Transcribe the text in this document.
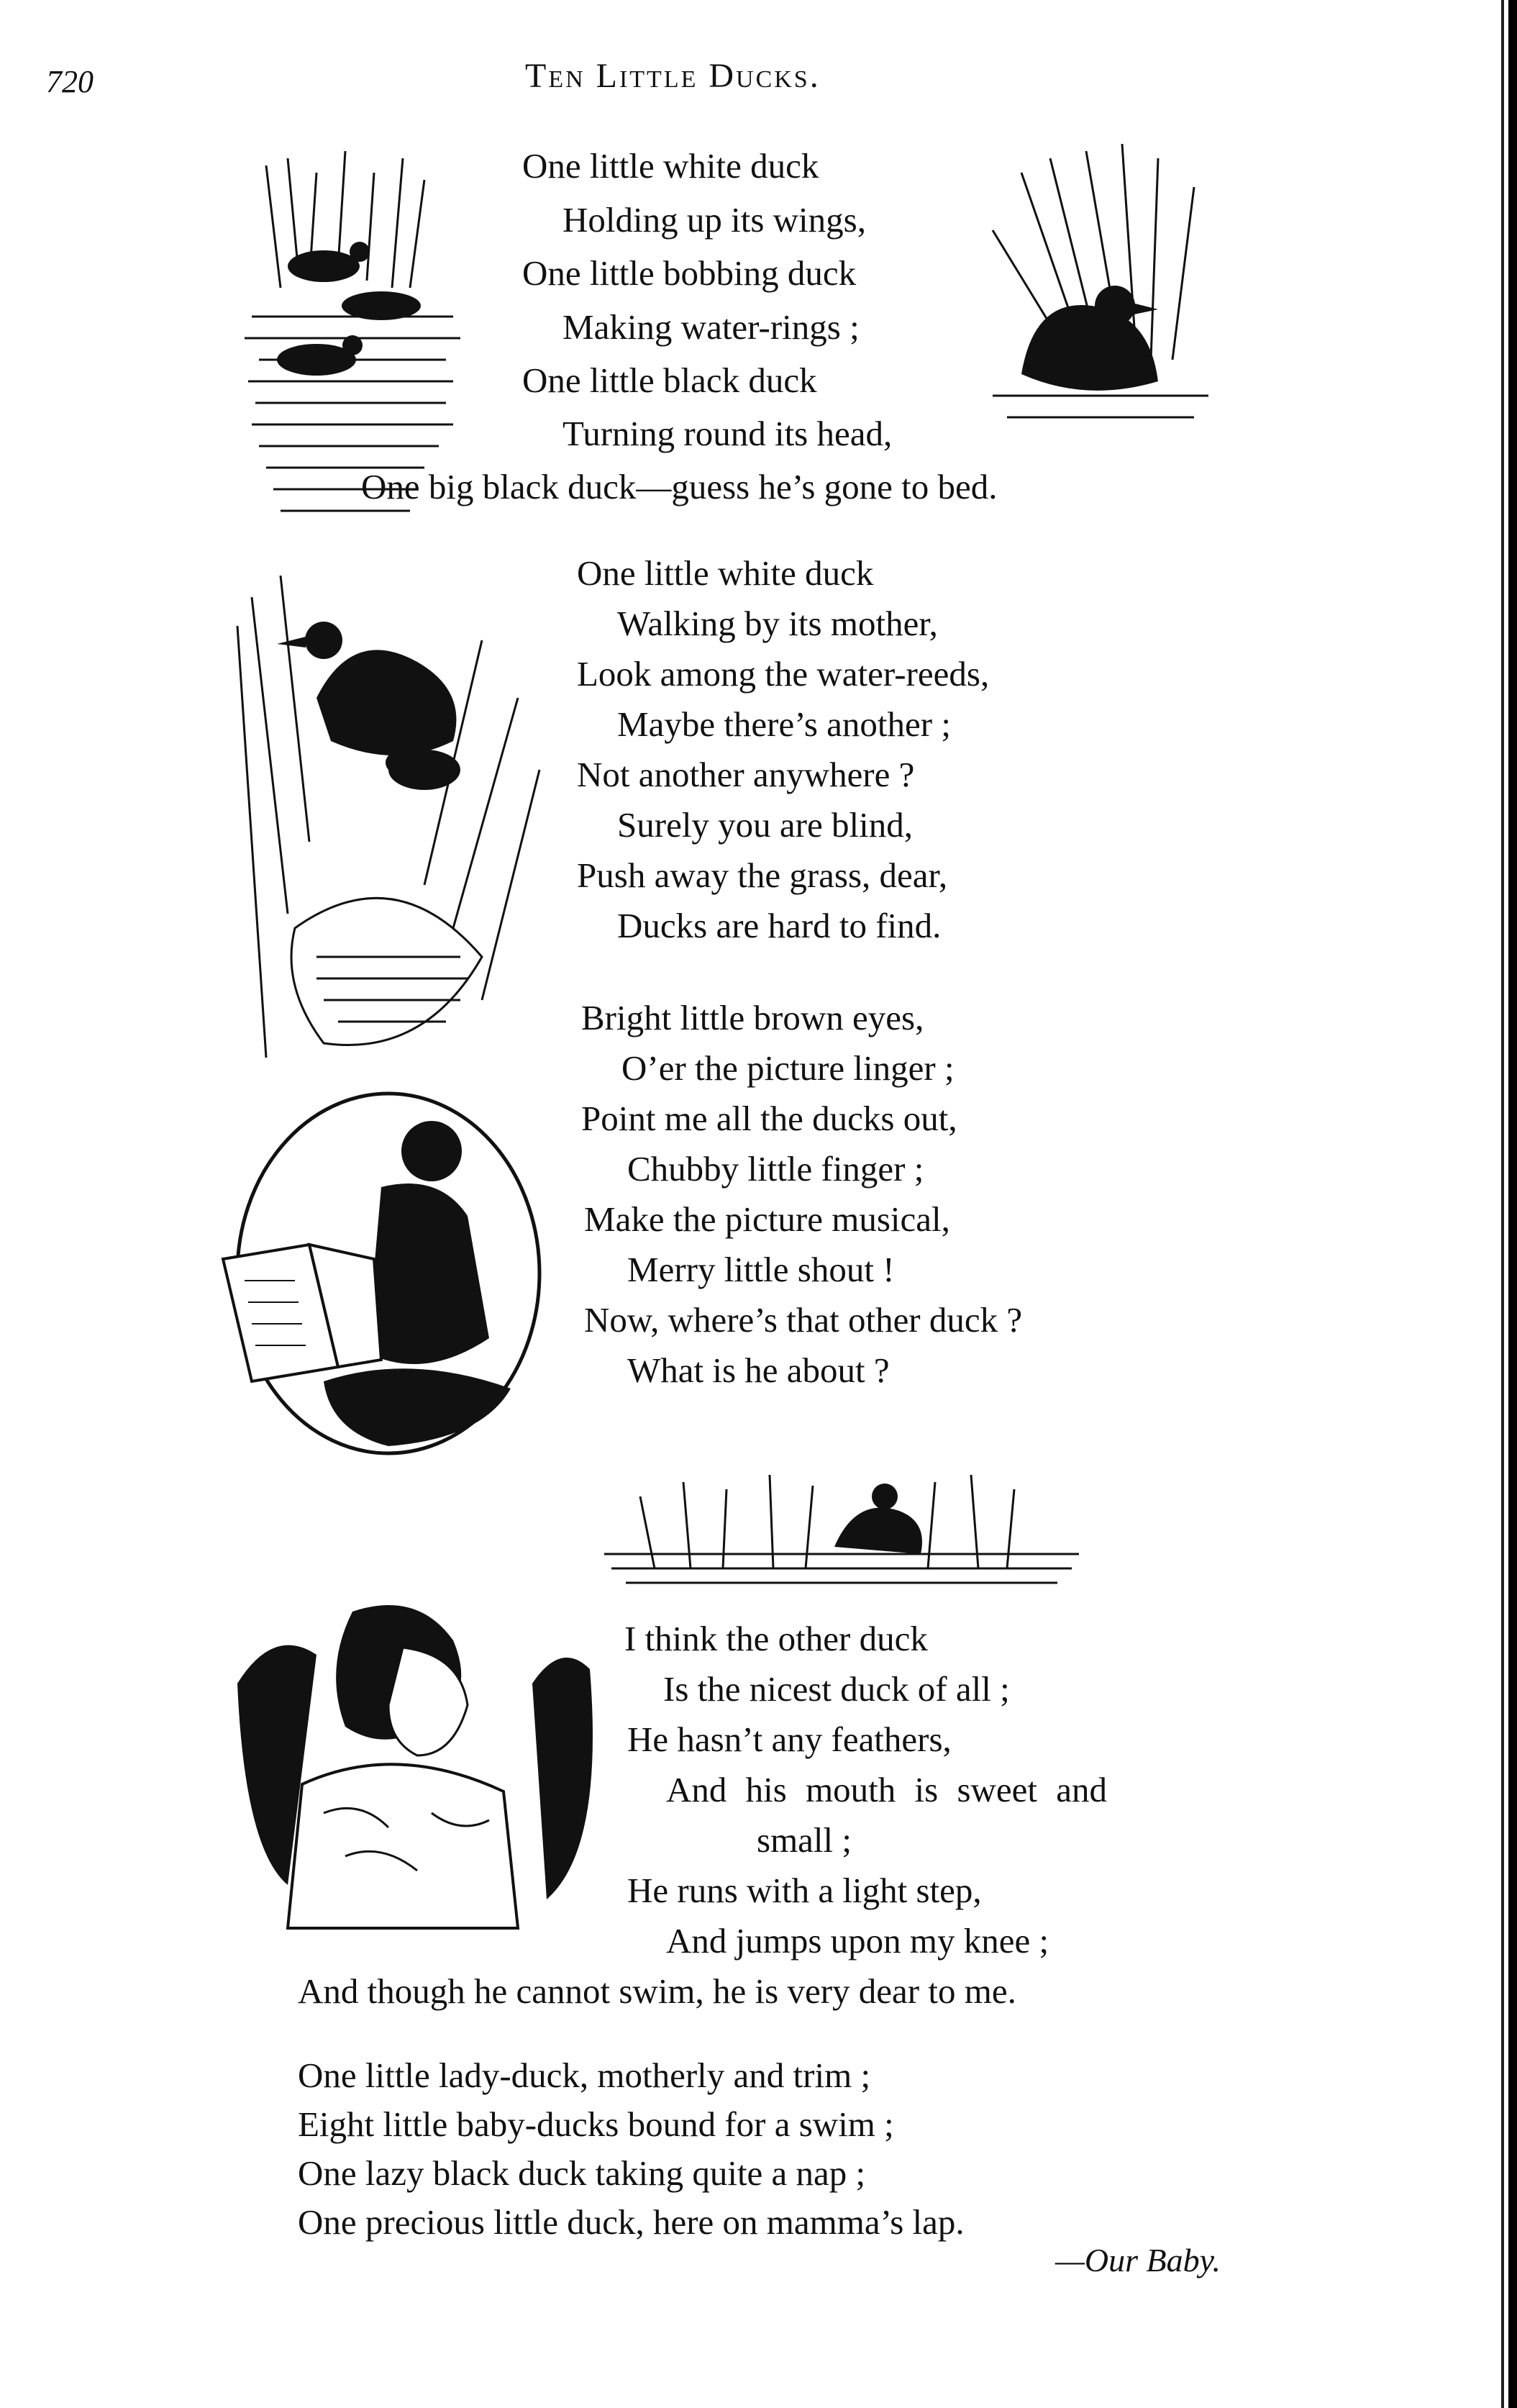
720	Ten Little Ducks.
One little white duck
Holding up its wings,
One little bobbing duck
Making water-rings ;
One little black duck
Turning round its head,
One big black duck—guess he’s gone to bed.
One little white duck
Walking by its mother,
Look among the water-reeds,
Maybe there’s another ;
Not another anywhere ?
Surely you are blind,
Push away the grass, dear,
Ducks are hard to find.
Bright little brown eyes,
O’er the picture linger ;
Point me all the ducks out,
Chubby little finger ;
Make the picture musical,
Merry little shout !
Now, where’s that other duck ?
What is he about ?
I think the other duck
Is the nicest duck of all ;
He hasn’t any feathers,
And his mouth is sweet and
small ;
He runs with a light step,
And jumps upon my knee ;
And though he cannot swim, he is very dear to me.
One little lady-duck, motherly and trim ;
Eight little baby-ducks bound for a swim ;
One lazy black duck taking quite a nap ;
One precious little duck, here on mamma’s lap.
—Our Baby.
